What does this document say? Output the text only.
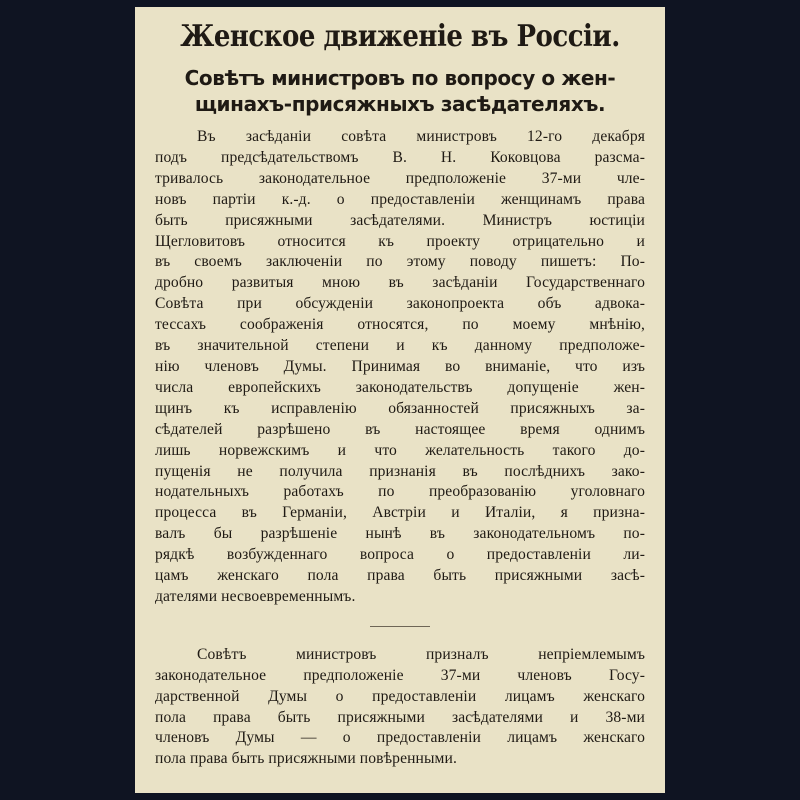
Женское движенiе въ Россiи.
Совѣтъ министровъ по вопросу о жен-
щинахъ-присяжныхъ засѣдателяхъ.
Въ засѣданiи совѣта министровъ 12-го декабря
подъ предсѣдательствомъ В. Н. Коковцова разсма-
тривалось законодательное предположенiе 37-ми чле-
новъ партiи к.-д. о предоставленiи женщинамъ права
быть присяжными засѣдателями. Министръ юстицiи
Щегловитовъ относится къ проекту отрицательно и
въ своемъ заключенiи по этому поводу пишетъ: По-
дробно развитыя мною въ засѣданiи Государственнаго
Совѣта при обсужденiи законопроекта объ адвока-
тессахъ соображенiя относятся, по моему мнѣнiю,
въ значительной степени и къ данному предположе-
нiю членовъ Думы. Принимая во вниманiе, что изъ
числа европейскихъ законодательствъ допущенiе жен-
щинъ къ исправленiю обязанностей присяжныхъ за-
сѣдателей разрѣшено въ настоящее время однимъ
лишь норвежскимъ и что желательность такого до-
пущенiя не получила признанiя въ послѣднихъ зако-
нодательныхъ работахъ по преобразованiю уголовнаго
процесса въ Германiи, Австрiи и Италiи, я призна-
валъ бы разрѣшенiе нынѣ въ законодательномъ по-
рядкѣ возбужденнаго вопроса о предоставленiи ли-
цамъ женскаго пола права быть присяжными засѣ-
дателями несвоевременнымъ.
Совѣтъ министровъ призналъ непрiемлемымъ
законодательное предположенiе 37-ми членовъ Госу-
дарственной Думы о предоставленiи лицамъ женскаго
пола права быть присяжными засѣдателями и 38-ми
членовъ Думы — о предоставленiи лицамъ женскаго
пола права быть присяжными повѣренными.
